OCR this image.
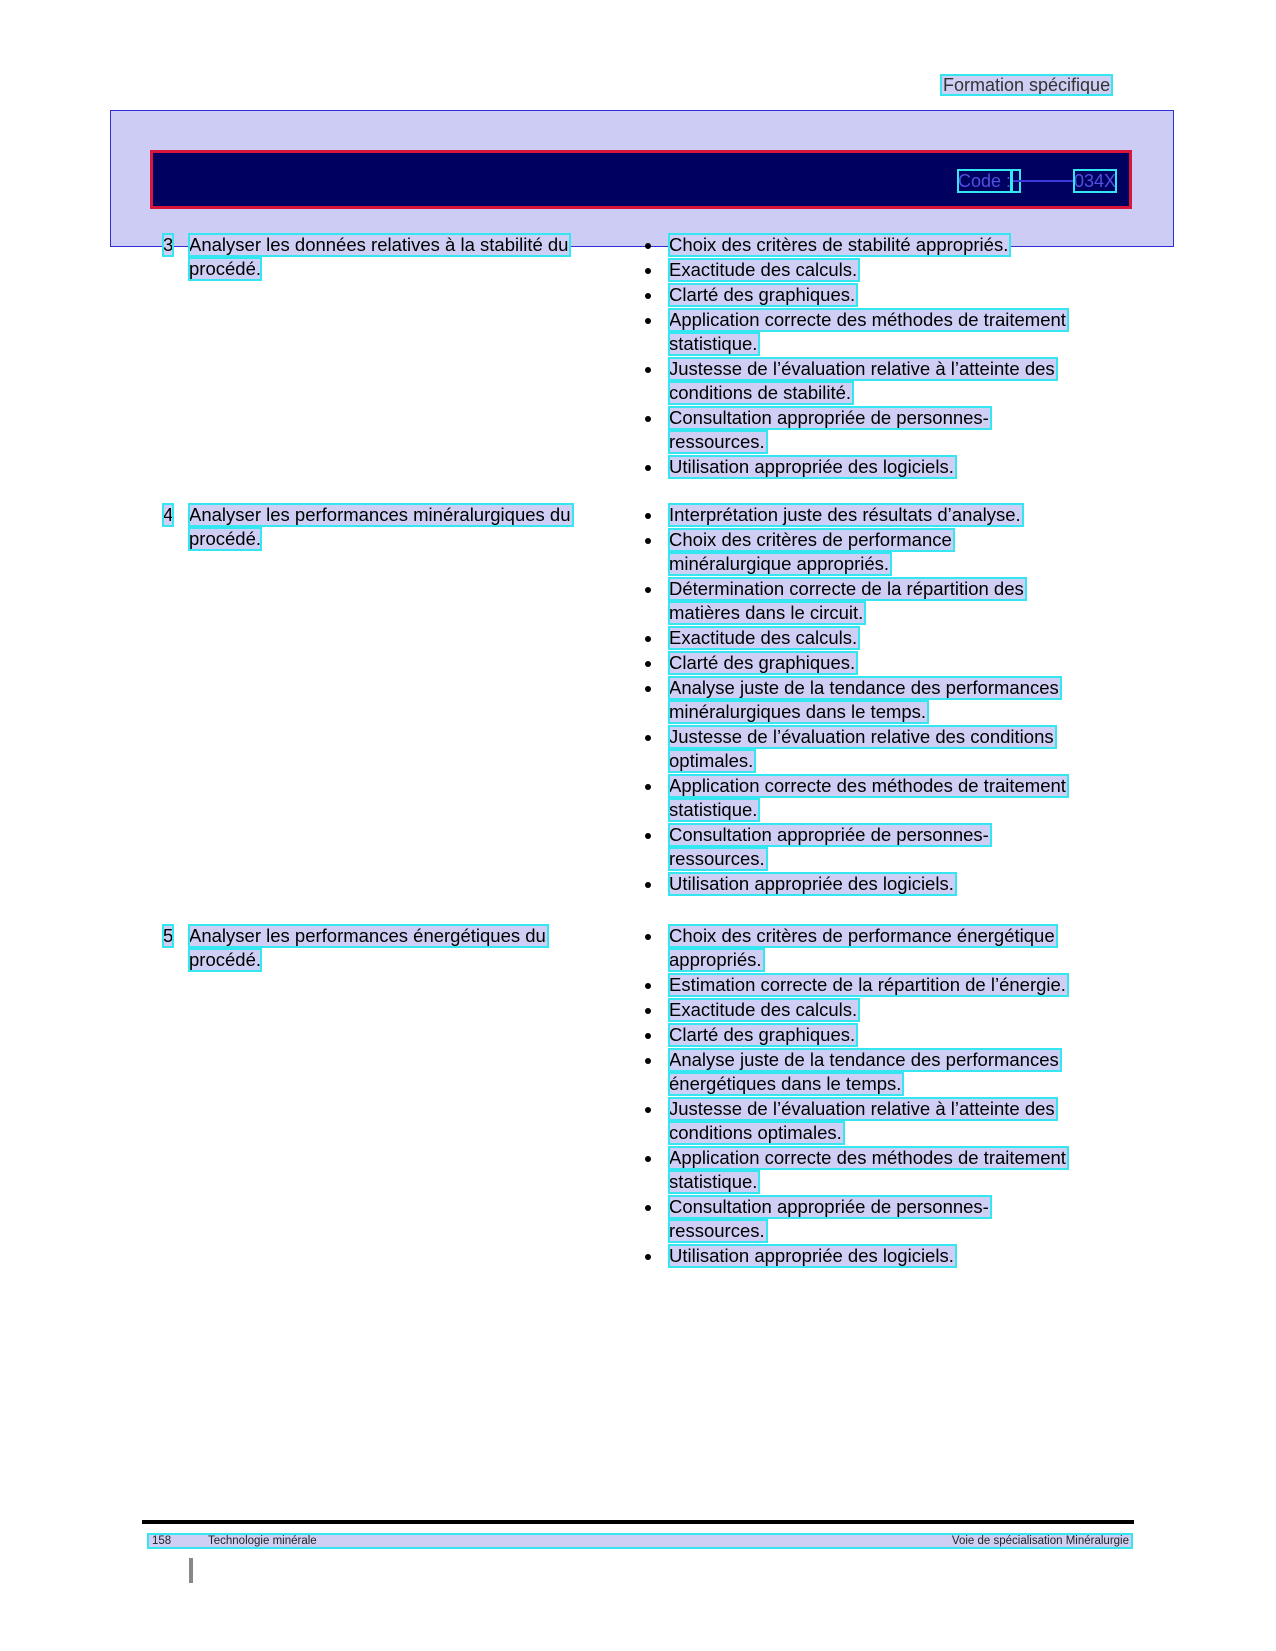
Formation spécifique
Code :	034X
3 Analyser les données relatives à la stabilité du
procédé.
Choix des critères de stabilité appropriés.
Exactitude des calculs.
Clarté des graphiques.
Application correcte des méthodes de traitement
statistique.
Justesse de l’évaluation relative à l’atteinte des
conditions de stabilité.
Consultation appropriée de personnes-
ressources.
Utilisation appropriée des logiciels.
4 Analyser les performances minéralurgiques du
procédé.
Interprétation juste des résultats d’analyse.
Choix des critères de performance
minéralurgique appropriés.
Détermination correcte de la répartition des
matières dans le circuit.
Exactitude des calculs.
Clarté des graphiques.
Analyse juste de la tendance des performances
minéralurgiques dans le temps.
Justesse de l’évaluation relative des conditions
optimales.
Application correcte des méthodes de traitement
statistique.
Consultation appropriée de personnes-
ressources.
Utilisation appropriée des logiciels.
5 Analyser les performances énergétiques du
procédé.
Choix des critères de performance énergétique
appropriés.
Estimation correcte de la répartition de l’énergie.
Exactitude des calculs.
Clarté des graphiques.
Analyse juste de la tendance des performances
énergétiques dans le temps.
Justesse de l’évaluation relative à l’atteinte des
conditions optimales.
Application correcte des méthodes de traitement
statistique.
Consultation appropriée de personnes-
ressources.
Utilisation appropriée des logiciels.
158	Technologie minérale	Voie de spécialisation Minéralurgie
